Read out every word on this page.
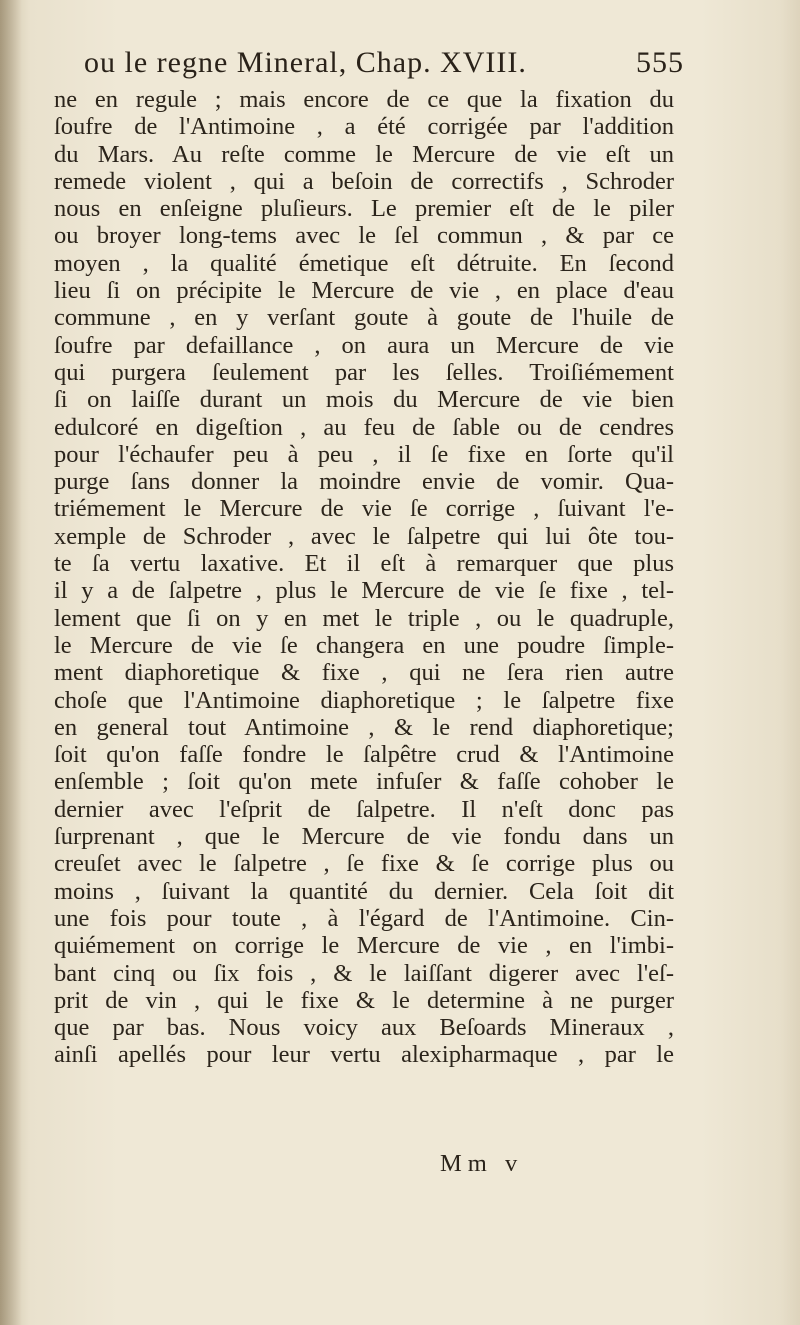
ou le regne Mineral, Chap. XVIII.	555
ne en regule ; mais encore de ce que la fixation du
ſoufre de l'Antimoine , a été corrigée par l'addition
du Mars. Au reſte comme le Mercure de vie eſt un
remede violent , qui a beſoin de correctifs , Schroder
nous en enſeigne pluſieurs. Le premier eſt de le piler
ou broyer long-tems avec le ſel commun , & par ce
moyen , la qualité émetique eſt détruite. En ſecond
lieu ſi on précipite le Mercure de vie , en place d'eau
commune , en y verſant goute à goute de l'huile de
ſoufre par defaillance , on aura un Mercure de vie
qui purgera ſeulement par les ſelles. Troiſiémement
ſi on laiſſe durant un mois du Mercure de vie bien
edulcoré en digeſtion , au feu de ſable ou de cendres
pour l'échaufer peu à peu , il ſe fixe en ſorte qu'il
purge ſans donner la moindre envie de vomir. Qua-
triémement le Mercure de vie ſe corrige , ſuivant l'e-
xemple de Schroder , avec le ſalpetre qui lui ôte tou-
te ſa vertu laxative. Et il eſt à remarquer que plus
il y a de ſalpetre , plus le Mercure de vie ſe fixe , tel-
lement que ſi on y en met le triple , ou le quadruple,
le Mercure de vie ſe changera en une poudre ſimple-
ment diaphoretique & fixe , qui ne ſera rien autre
choſe que l'Antimoine diaphoretique ; le ſalpetre fixe
en general tout Antimoine , & le rend diaphoretique;
ſoit qu'on faſſe fondre le ſalpêtre crud & l'Antimoine
enſemble ; ſoit qu'on mete infuſer & faſſe cohober le
dernier avec l'eſprit de ſalpetre. Il n'eſt donc pas
ſurprenant , que le Mercure de vie fondu dans un
creuſet avec le ſalpetre , ſe fixe & ſe corrige plus ou
moins , ſuivant la quantité du dernier. Cela ſoit dit
une fois pour toute , à l'égard de l'Antimoine. Cin-
quiémement on corrige le Mercure de vie , en l'imbi-
bant cinq ou ſix fois , & le laiſſant digerer avec l'eſ-
prit de vin , qui le fixe & le determine à ne purger
que par bas. Nous voicy aux Beſoards Mineraux ,
ainſi apellés pour leur vertu alexipharmaque , par le
Mm v
